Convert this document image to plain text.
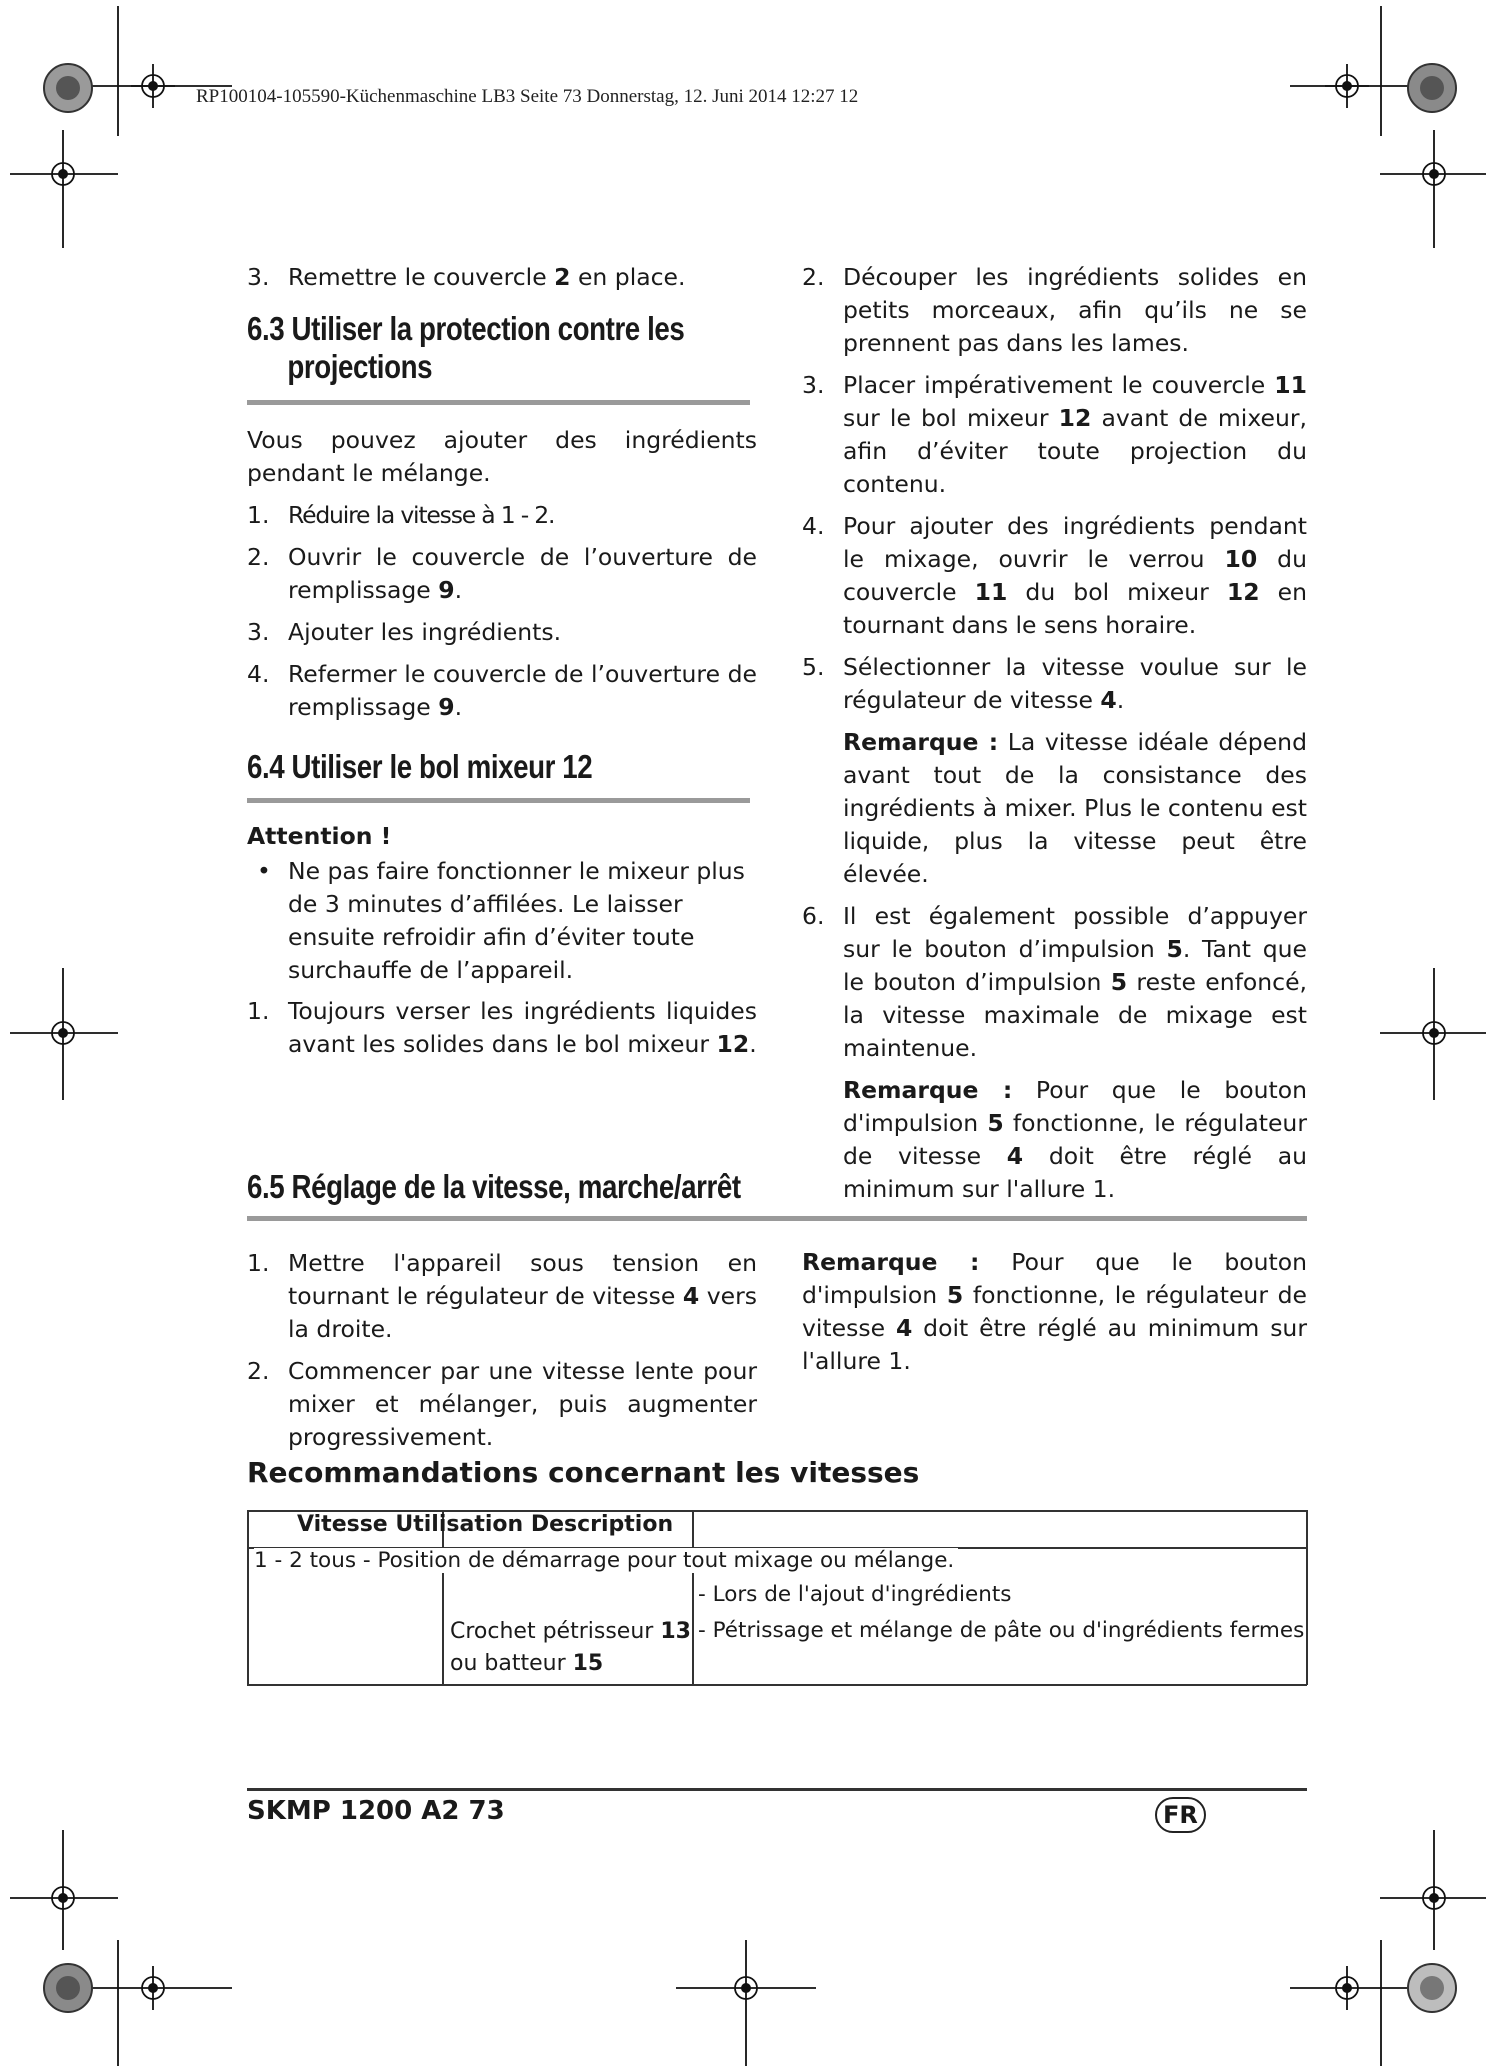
RP100104-105590-Küchenmaschine LB3 Seite 73 Donnerstag, 12. Juni 2014 12:27 12
3. Remettre le couvercle 2 en place.
6.3 Utiliser la protection contre les
projections

Vous pouvez ajouter des ingrédients pendant le mélange.

1. Réduire la vitesse à 1 - 2.
2. Ouvrir le couvercle de l’ouverture de remplissage 9.
3. Ajouter les ingrédients.
4. Refermer le couvercle de l’ouverture de remplissage 9.
6.4 Utiliser le bol mixeur 12

Attention !

• Ne pas faire fonctionner le mixeur plus de 3 minutes d’affilées. Le laisser ensuite refroidir afin d’éviter toute surchauffe de l’appareil.
1. Toujours verser les ingrédients liquides avant les solides dans le bol mixeur 12.
2. Découper les ingrédients solides en petits morceaux, afin qu’ils ne se prennent pas dans les lames.
3. Placer impérativement le couvercle 11 sur le bol mixeur 12 avant de mixeur, afin d’éviter toute projection du contenu.
4. Pour ajouter des ingrédients pendant le mixage, ouvrir le verrou 10 du couvercle 11 du bol mixeur 12 en tournant dans le sens horaire.
5. Sélectionner la vitesse voulue sur le régulateur de vitesse 4.

Remarque : La vitesse idéale dépend avant tout de la consistance des ingrédients à mixer. Plus le contenu est liquide, plus la vitesse peut être élevée.

6. Il est également possible d’appuyer sur le bouton d’impulsion 5. Tant que le bouton d’impulsion 5 reste enfoncé, la vitesse maximale de mixage est maintenue.

Remarque : Pour que le bouton d'impulsion 5 fonctionne, le régulateur de vitesse 4 doit être réglé au minimum sur l'allure 1.

6.5 Réglage de la vitesse, marche/arrêt
1. Mettre l'appareil sous tension en tournant le régulateur de vitesse 4 vers la droite.
2. Commencer par une vitesse lente pour mixer et mélanger, puis augmenter progressivement.

Remarque : Pour que le bouton d'impulsion 5 fonctionne, le régulateur de vitesse 4 doit être réglé au minimum sur l'allure 1.

Recommandations concernant les vitesses
Vitesse Utilisation Description
1 - 2 tous - Position de démarrage pour tout mixage ou mélange.
- Lors de l'ajout d'ingrédients
Crochet pétrisseur 13
ou batteur 15
- Pétrissage et mélange de pâte ou d'ingrédients fermes
SKMP 1200 A2 73	FR
